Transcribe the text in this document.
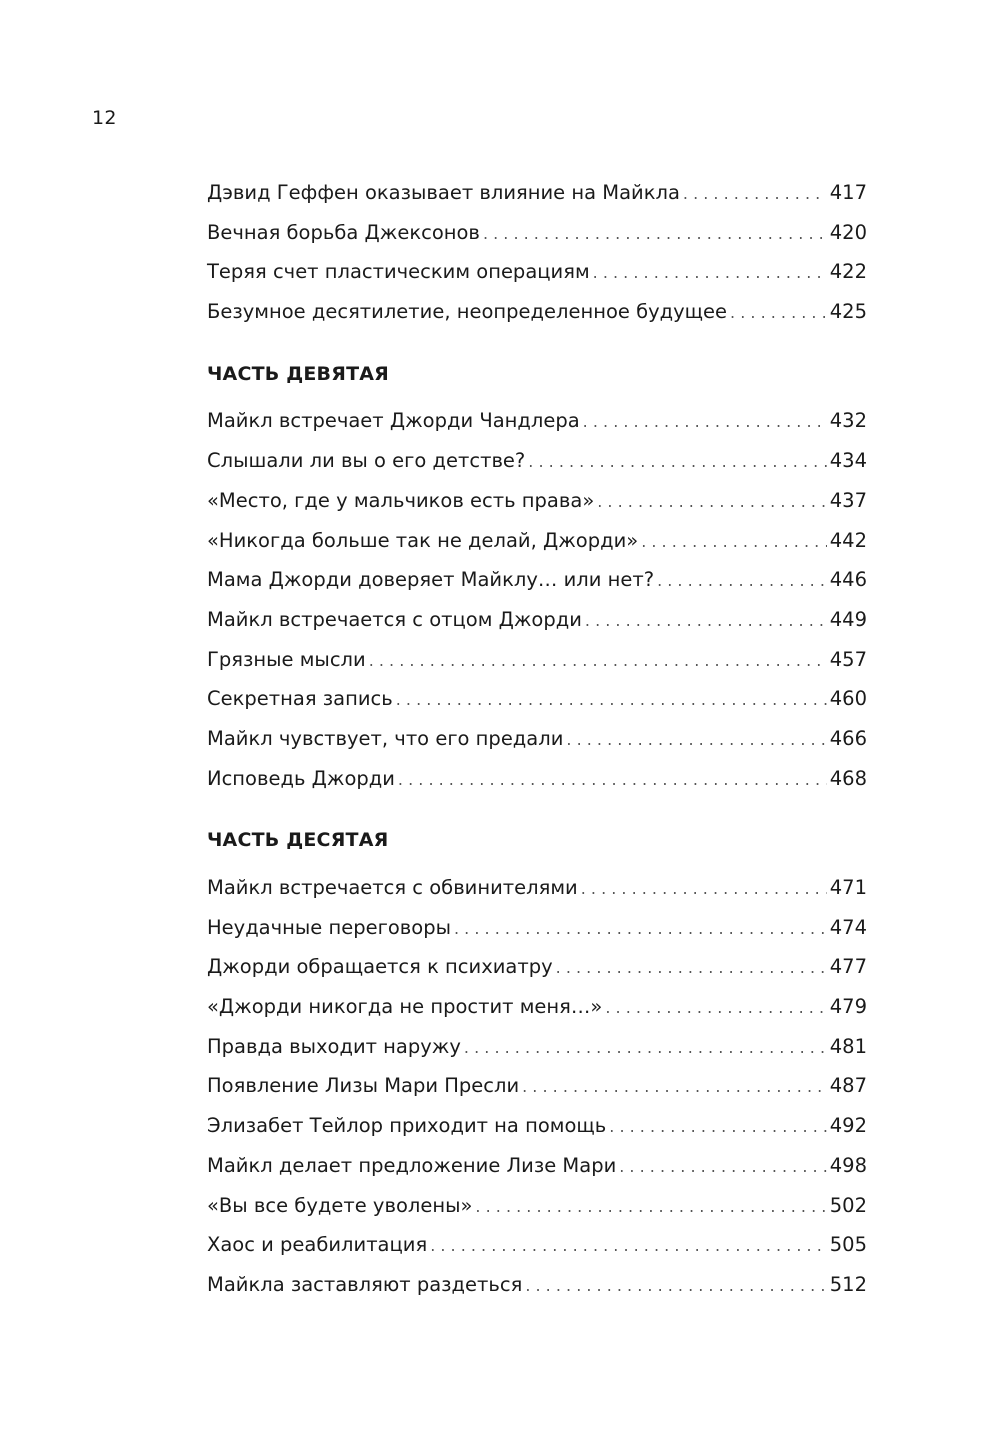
12
Дэвид Геффен оказывает влияние на Майкла . . .	417
Вечная борьба Джексонов . . .	420
Теряя счет пластическим операциям . . .	422
Безумное десятилетие, неопределенное будущее . . .	425
ЧАСТЬ ДЕВЯТАЯ
Майкл встречает Джорди Чандлера . . .	432
Слышали ли вы о его детстве? . . .	434
«Место, где у мальчиков есть права» . . .	437
«Никогда больше так не делай, Джорди» . . .	442
Мама Джорди доверяет Майклу… или нет? . . .	446
Майкл встречается с отцом Джорди . . .	449
Грязные мысли . . .	457
Секретная запись . . .	460
Майкл чувствует, что его предали . . .	466
Исповедь Джорди . . .	468
ЧАСТЬ ДЕСЯТАЯ
Майкл встречается с обвинителями . . .	471
Неудачные переговоры . . .	474
Джорди обращается к психиатру . . .	477
«Джорди никогда не простит меня…» . . .	479
Правда выходит наружу . . .	481
Появление Лизы Мари Пресли . . .	487
Элизабет Тейлор приходит на помощь . . .	492
Майкл делает предложение Лизе Мари . . .	498
«Вы все будете уволены» . . .	502
Хаос и реабилитация . . .	505
Майкла заставляют раздеться . . .	512
